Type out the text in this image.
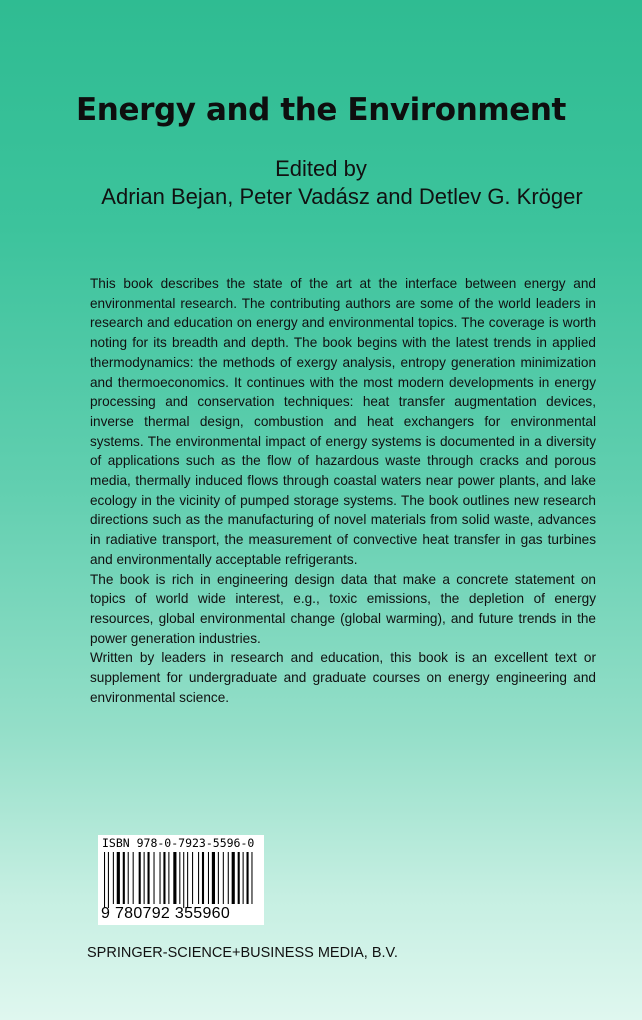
Energy and the Environment
Edited by
Adrian Bejan, Peter Vadász and Detlev G. Kröger

This book describes the state of the art at the interface between energy and environmental research. The contributing authors are some of the world leaders in research and education on energy and environmental topics. The coverage is worth noting for its breadth and depth. The book begins with the latest trends in applied thermodynamics: the methods of exergy analysis, entropy generation minimization and thermoeconomics. It continues with the most modern developments in energy processing and conservation techniques: heat transfer augmentation devices, inverse thermal design, combustion and heat exchangers for environmental systems. The environmental impact of energy systems is documented in a diversity of applications such as the flow of hazardous waste through cracks and porous media, thermally induced flows through coastal waters near power plants, and lake ecology in the vicinity of pumped storage systems. The book outlines new research directions such as the manufacturing of novel materials from solid waste, advances in radiative transport, the measurement of convective heat transfer in gas turbines and environmentally acceptable refrigerants.

The book is rich in engineering design data that make a concrete statement on topics of world wide interest, e.g., toxic emissions, the depletion of energy resources, global environmental change (global warming), and future trends in the power generation industries.

Written by leaders in research and education, this book is an excellent text or supplement for undergraduate and graduate courses on energy engineering and environmental science.

ISBN 978-0-7923-5596-0
9 780792 355960
SPRINGER-SCIENCE+BUSINESS MEDIA, B.V.
